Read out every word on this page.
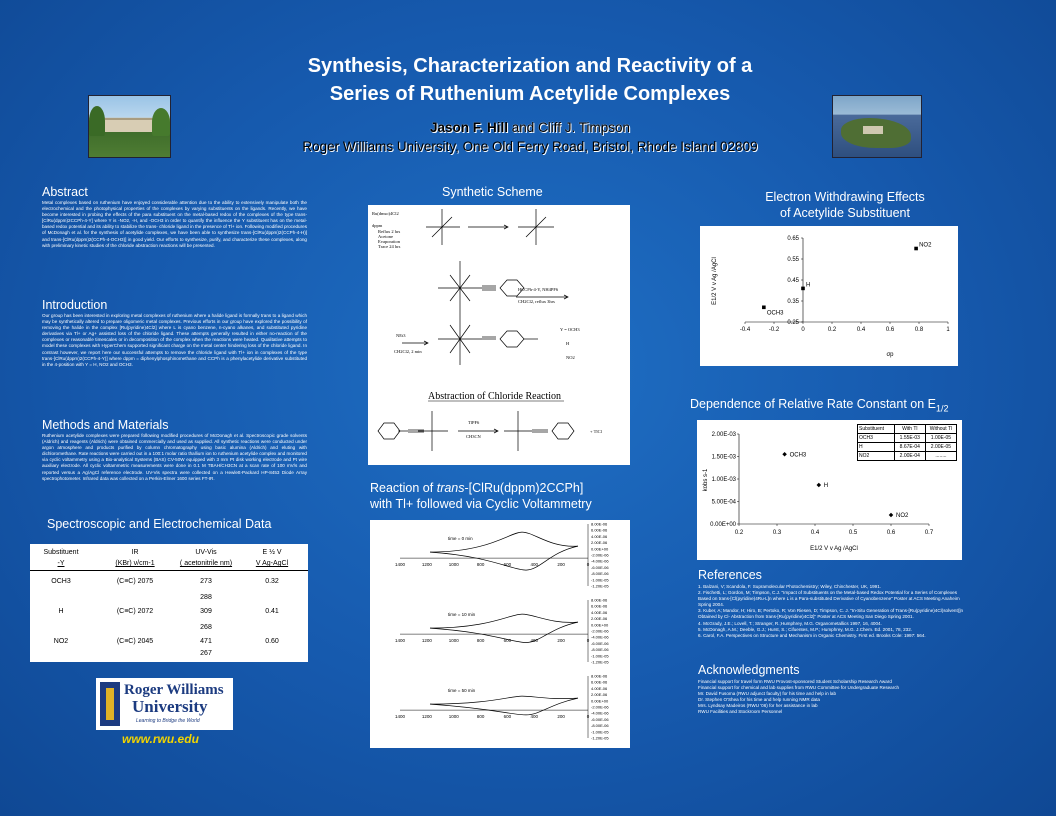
Synthesis, Characterization and Reactivity of a
Series of Ruthenium Acetylide Complexes
Jason F. Hill and Cliff J. Timpson
Roger Williams University, One Old Ferry Road, Bristol, Rhode Island 02809
Abstract
Metal complexes based on ruthenium have enjoyed considerable attention due to the ability to extensively manipulate both the electrochemical and the photophysical properties of the complexes by varying substituents on the ligands. Recently, we have become interested in probing the effects of the para substituent on the metal-based redox of the complexes of the type trans-[ClRu(dppm)2CCPh-4-Y] where Y is -NO2, -H, and -OCH3 in order to quantify the influence the Y substituent has on the metal-based redox potential and its ability to stabilize the trans- chloride ligand in the presence of Tl+ ion. Following modified procedures of McDonagh et al. for the synthesis of acetylide complexes, we have been able to synthesize trans-[ClRu(dppm)2(CCPh-4-H)] and trans-[ClRu(dppm)2(CCPh-4-OCH3)] in good yield. Our efforts to synthesize, purify, and characterize these complexes, along with preliminary kinetic studies of the chloride abstraction reactions will be presented.
Introduction
Our group has been interested in exploring metal complexes of ruthenium where a halide ligand is formally trans to a ligand which may be synthetically altered to prepare oligomeric metal complexes. Previous efforts in our group have explored the possibility of removing the halide in the complex [Ru(pyridine)4Cl2] where L is cyano benzene, n-cyano alkanes, and substituted pyridine derivatives via Tl+ or Ag+ assisted loss of the chloride ligand. These attempts generally resulted in either no-reaction of the complexes or reasonable timescales or in decomposition of the complex when the reactions were heated. Qualitative attempts to model these complexes with HyperChem supported significant charge on the metal center hindering loss of the chloride ligand. In contrast however, we report here our successful attempts to remove the chloride ligand with Tl+ ion in complexes of the type trans-[ClRu(dppm)2(CCPh-4-Y)] where dppm = diphenylphosphinomethane and CCPh is a phenylacetylide derivative substituted in the 4-position with Y = H, NO2 and OCH3.
Methods and Materials
Ruthenium acetylide complexes were prepared following modified procedures of McDonagh et al. Spectroscopic grade solvents (Aldrich) and reagents (Aldrich) were obtained commercially and used as supplied. All synthetic reactions were conducted under argon atmosphere and products purified by column chromatography using basic alumina (Aldrich) and eluting with dichloromethane. Rate reactions were carried out in a 100:1 molar ratio thallium ion to ruthenium acetylide complex and monitored via cyclic voltammetry using a Bio-analytical Systems (BAS) CV-50W equipped with 3 mm Pt disk working electrode and Pt wire auxiliary electrode. All cyclic voltammetric measurements were done in 0.1 M TBAH/CH3CN at a scan rate of 100 mV/s and reported versus a Ag/AgCl reference electrode. UV-Vis spectra were collected on a Hewlett-Packard HP-8453 Diode Array spectrophotometer. Infrared data was collected on a Perkin-Elmer 1600 series FT-IR.
Spectroscopic and Electrochemical Data
Substituent	IR	UV-Vis	E ½ V
-Y	(KBr) ν/cm-1	( acetonitrile nm)	V Ag-AgCl
OCH3	(C≡C) 2075	273	0.32
288
H	(C≡C) 2072	309	0.41
268
NO2	(C≡C) 2045	471	0.60
267
Roger Williams
University
Learning to Bridge the World
www.rwu.edu
Synthetic Scheme
Ru(dmso)4Cl2
dppm
Reflux 2 hrs
Acetone
Evaporation
Trace 24 hrs
HCCPh-4-Y, NH4PF6
CH2Cl2, reflux 3hrs
NEt3
CH2Cl2, 2 min
Y = OCH3
H
NO2
TlPF6
CH3CN
+ TlCl
Abstraction of Chloride Reaction
Reaction of trans-[ClRu(dppm)2CCPh]
with Tl+ followed via Cyclic Voltammetry
8.00E-06
6.00E-06
4.00E-06
2.00E-06
0.00E+00
-2.00E-06
-4.00E-06
-6.00E-06
-8.00E-06
-1.00E-05
-1.20E-05
1400	1200	1000	800	600	400	200	0
time = 0 min
8.00E-06
6.00E-06
4.00E-06
2.00E-06
0.00E+00
-2.00E-06
-4.00E-06
-6.00E-06
-8.00E-06
-1.00E-05
-1.20E-05
1400	1200	1000	800	600	400	200	0
time = 10 min
8.00E-06
6.00E-06
4.00E-06
2.00E-06
0.00E+00
-2.00E-06
-4.00E-06
-6.00E-06
-8.00E-06
-1.00E-05
-1.20E-05
1400	1200	1000	800	600	400	200	0
time = 50 min
Electron Withdrawing Effects
of Acetylide Substituent
0.25
0.35
0.45
0.55
0.65
-0.4	-0.2	0	0.2	0.4	0.6	0.8	1
OCH3
H
NO2
E1/2 V v Ag /AgCl
σp
Dependence of Relative Rate Constant on $E_{1/2}$
0.00E+00
5.00E-04
1.00E-03
1.50E-03
2.00E-03
0.2	0.3	0.4	0.5	0.6	0.7
OCH3
H
NO2
kobs s-1
E1/2 V v Ag /AgCl
Substituent	With Tl	Without Tl
OCH3	1.55E-03	1.00E-05
H	8.67E-04	2.00E-05
NO2	2.00E-04	........
References
1. Balzani, V; Scandola, F. Supramolecular Photochemistry; Wiley, Chinchester, UK, 1991.
2. Fischetti, L; Gordon, M; Timpson, C.J. "Impact of Substituents on the Metal-based Redox Potential for a Series of Complexes Based on trans-[Cl(pyridine)4Ru-L]n where L is a Para-substituted Derivative of Cyanobenzene" Poster at ACS Meeting Anaheim Spring 2004.
3. Kuber, A; Mandor, H; Hiro, B; Pertoko, R; Von Riesen, D; Timpson, C. J. "In-Situ Generation of Trans-[Ru(pyridine)4Cl(solvent)]n Obtained by Cl- Abstraction from trans-[Ru(pyridine)4Cl2]" Poster at ACS Meeting San Diego Spring 2001.
4. McGrady, J.E.; Lovell, T.; Stranger, R.;Humphrey, M.G. Organometallics 1997, 16, 4004.
5. McDonagh, A.M.; Deeble, G.J.; Hurst, S.; Cifuentes, M.P.; Humphrey, M.G. J.Chem. Ed. 2001, 78, 232.
6. Carol, F.A. Perspectives on Structure and Mechanism in Organic Chemistry. First ed. Brooks Cole: 1997: 564.
Acknowledgments
Financial support for travel form RWU Provost-sponsored Student Scholarship Research Award
Financial support for chemical and lab supplies from RWU Committee for Undergraduate Research
Mr. David Fusoma (RWU adjunct faculty) for his time and help in lab
Dr. Stephen O'Shea for his time and help running NMR data
Mrs. Lyndsay Madeiros (RWU '06) for her assistance in lab
RWU Facilities and Stockroom Personnel
